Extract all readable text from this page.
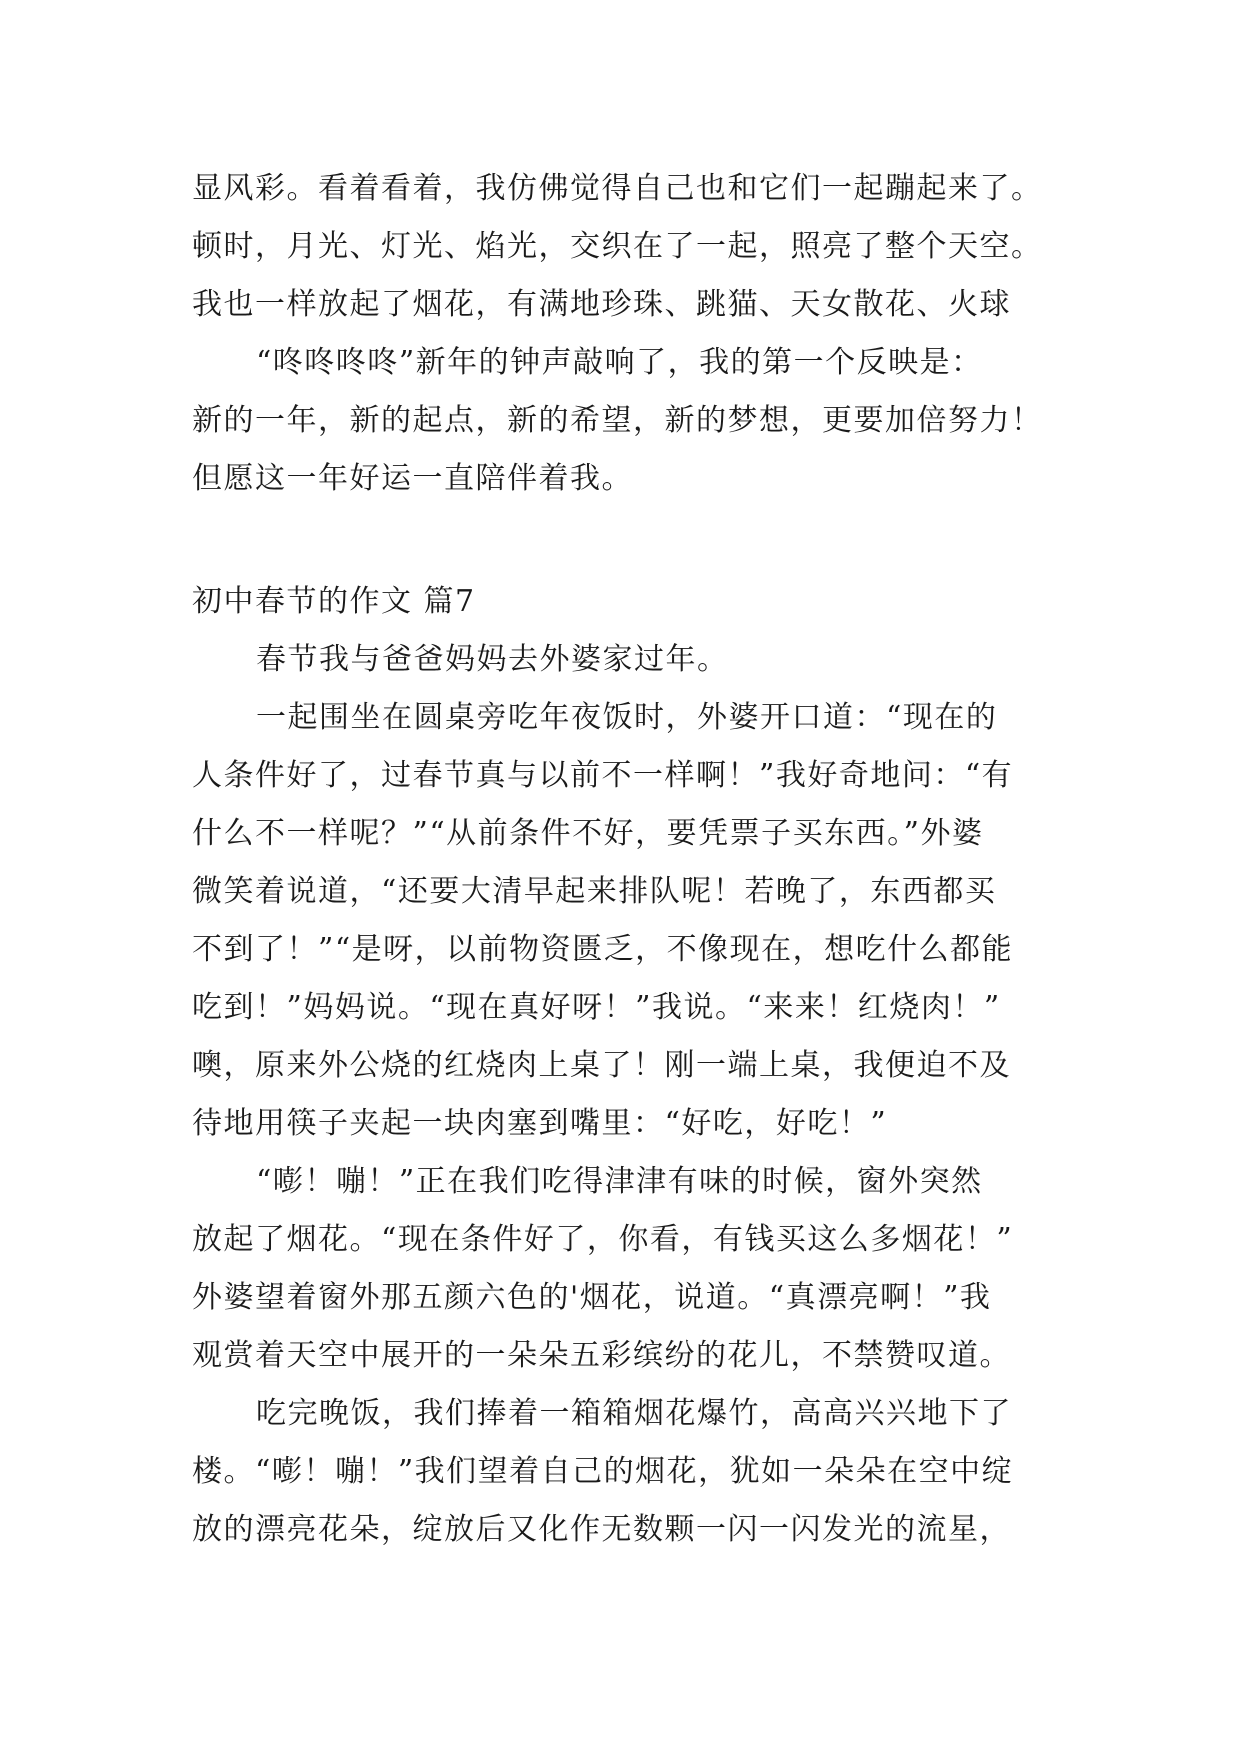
显风彩。看着看着，我仿佛觉得自己也和它们一起蹦起来了。
顿时，月光、灯光、焰光，交织在了一起，照亮了整个天空。
我也一样放起了烟花，有满地珍珠、跳猫、天女散花、火球
“咚咚咚咚”新年的钟声敲响了，我的第一个反映是：
新的一年，新的起点，新的希望，新的梦想，更要加倍努力！
但愿这一年好运一直陪伴着我。
初中春节的作文 篇7
春节我与爸爸妈妈去外婆家过年。
一起围坐在圆桌旁吃年夜饭时，外婆开口道：“现在的
人条件好了，过春节真与以前不一样啊！”我好奇地问：“有
什么不一样呢？”“从前条件不好，要凭票子买东西。”外婆
微笑着说道，“还要大清早起来排队呢！若晚了，东西都买
不到了！”“是呀，以前物资匮乏，不像现在，想吃什么都能
吃到！”妈妈说。“现在真好呀！”我说。“来来！红烧肉！”
噢，原来外公烧的红烧肉上桌了！刚一端上桌，我便迫不及
待地用筷子夹起一块肉塞到嘴里：“好吃，好吃！”
“嘭！嘣！”正在我们吃得津津有味的时候，窗外突然
放起了烟花。“现在条件好了，你看，有钱买这么多烟花！”
外婆望着窗外那五颜六色的'烟花，说道。“真漂亮啊！”我
观赏着天空中展开的一朵朵五彩缤纷的花儿，不禁赞叹道。
吃完晚饭，我们捧着一箱箱烟花爆竹，高高兴兴地下了
楼。“嘭！嘣！”我们望着自己的烟花，犹如一朵朵在空中绽
放的漂亮花朵，绽放后又化作无数颗一闪一闪发光的流星，
